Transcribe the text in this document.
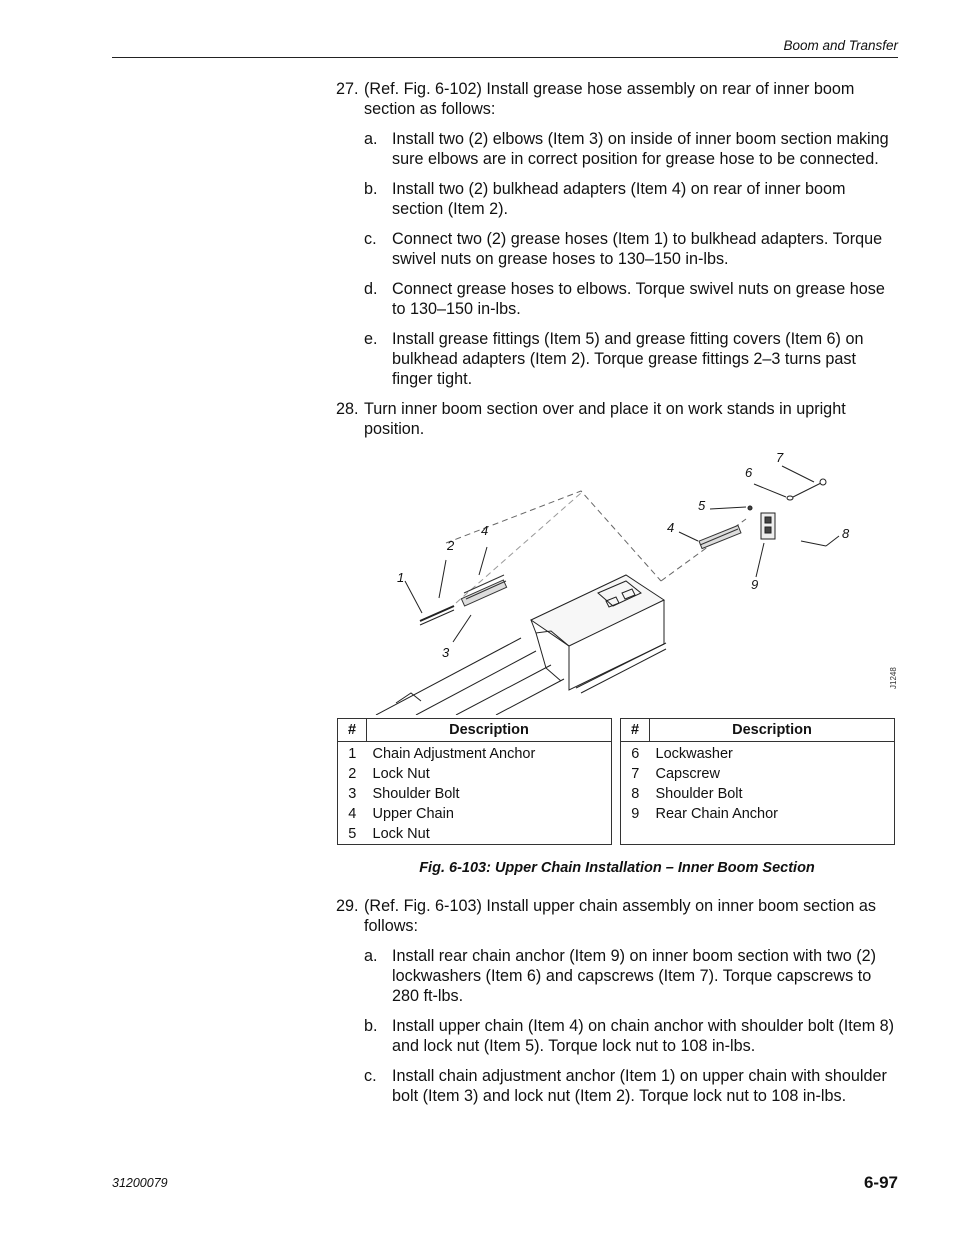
Boom and Transfer
27. (Ref. Fig. 6-102) Install grease hose assembly on rear of inner boom section as follows:
a. Install two (2) elbows (Item 3) on inside of inner boom section making sure elbows are in correct position for grease hose to be connected.
b. Install two (2) bulkhead adapters (Item 4) on rear of inner boom section (Item 2).
c. Connect two (2) grease hoses (Item 1) to bulkhead adapters. Torque swivel nuts on grease hoses to 130–150 in-lbs.
d. Connect grease hoses to elbows. Torque swivel nuts on grease hose to 130–150 in-lbs.
e. Install grease fittings (Item 5) and grease fitting covers (Item 6) on bulkhead adapters (Item 2). Torque grease fittings 2–3 turns past finger tight.
28. Turn inner boom section over and place it on work stands in upright position.
1
2
3
4	4
5
6
7
8
9
J1248
#	Description
1	Chain Adjustment Anchor
2	Lock Nut
3	Shoulder Bolt
4	Upper Chain
5	Lock Nut
#	Description
6	Lockwasher
7	Capscrew
8	Shoulder Bolt
9	Rear Chain Anchor

Fig. 6-103: Upper Chain Installation – Inner Boom Section
29. (Ref. Fig. 6-103) Install upper chain assembly on inner boom section as follows:
a. Install rear chain anchor (Item 9) on inner boom section with two (2) lockwashers (Item 6) and capscrews (Item 7). Torque capscrews to 280 ft-lbs.
b. Install upper chain (Item 4) on chain anchor with shoulder bolt (Item 8) and lock nut (Item 5). Torque lock nut to 108 in-lbs.
c. Install chain adjustment anchor (Item 1) on upper chain with shoulder bolt (Item 3) and lock nut (Item 2). Torque lock nut to 108 in-lbs.
31200079	6-97
